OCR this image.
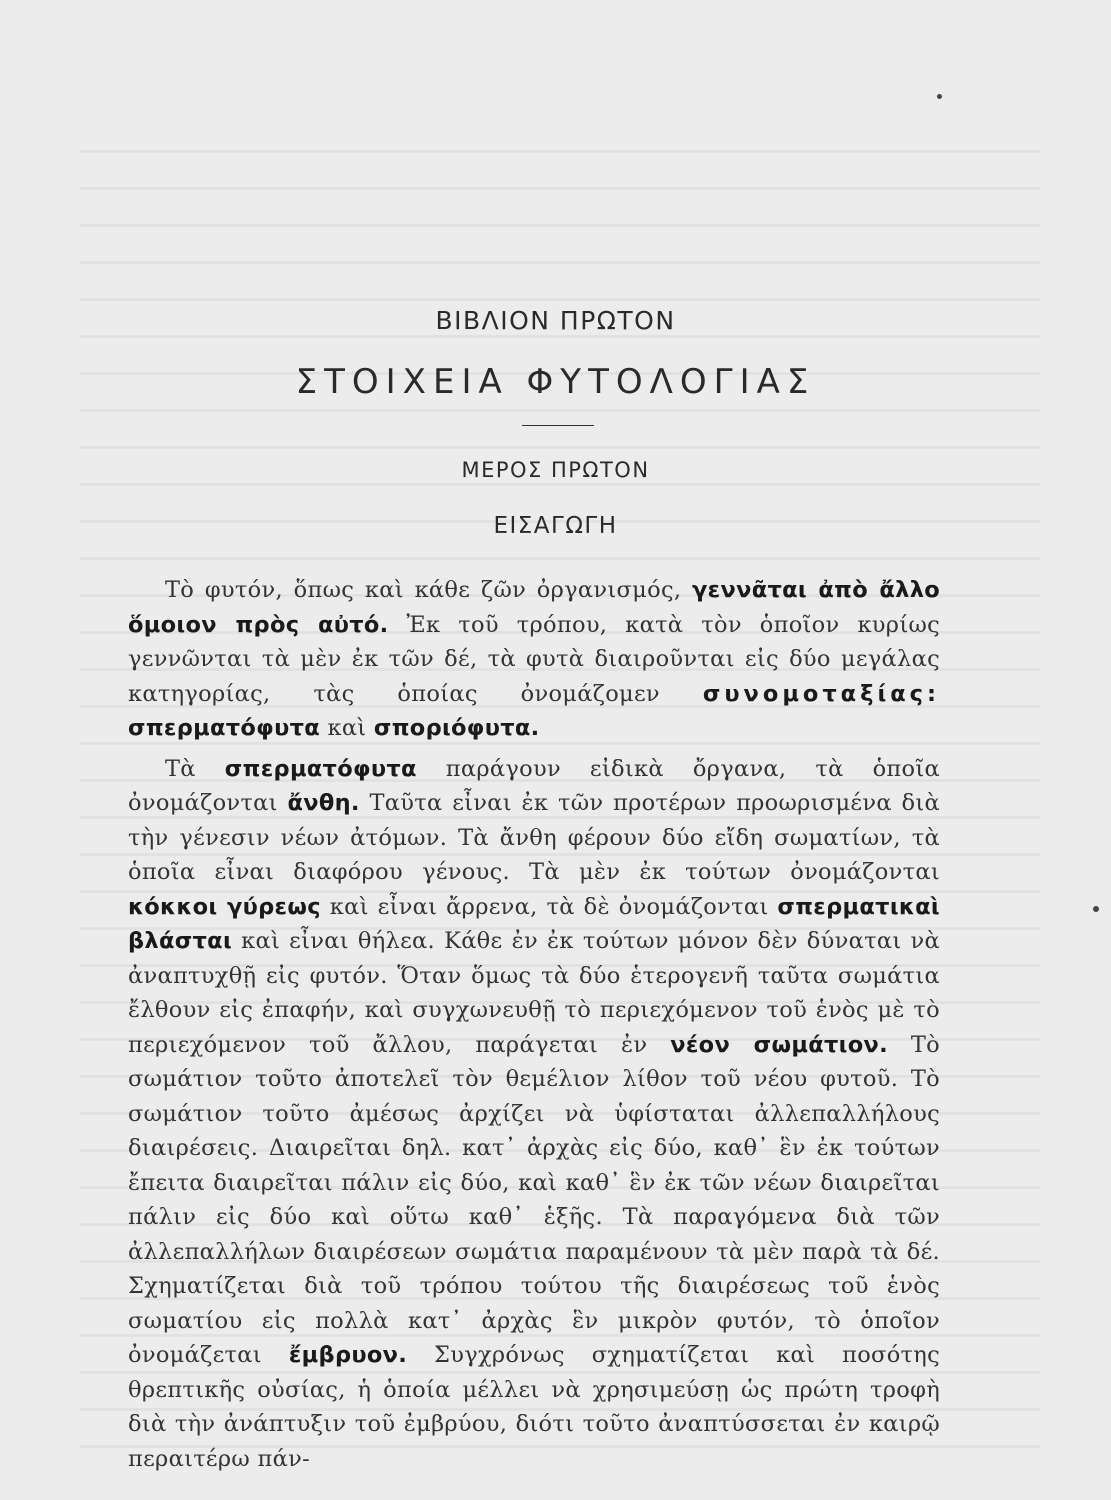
ΒΙΒΛΙΟΝ ΠΡΩΤΟΝ
ΣΤΟΙΧΕΙΑ ΦΥΤΟΛΟΓΙΑΣ
ΜΕΡΟΣ ΠΡΩΤΟΝ
ΕΙΣΑΓΩΓΗ

Τὸ φυτόν, ὅπως καὶ κάθε ζῶν ὀργανισμός, γεννᾶται ἀπὸ ἄλλο ὅμοιον πρὸς αὐτό. Ἐκ τοῦ τρόπου, κατὰ τὸν ὁποῖον κυρίως γεννῶνται τὰ μὲν ἐκ τῶν δέ, τὰ φυτὰ διαιροῦνται εἰς δύο μεγάλας κατηγορίας, τὰς ὁποίας ὀνομάζομεν συνομοταξίας: σπερματόφυτα καὶ σποριόφυτα.

Τὰ σπερματόφυτα παράγουν εἰδικὰ ὄργανα, τὰ ὁποῖα ὀνομάζονται ἄνθη. Ταῦτα εἶναι ἐκ τῶν προτέρων προωρισμένα διὰ τὴν γένεσιν νέων ἀτόμων. Τὰ ἄνθη φέρουν δύο εἴδη σωματίων, τὰ ὁποῖα εἶναι διαφόρου γένους. Τὰ μὲν ἐκ τούτων ὀνομάζονται κόκκοι γύρεως καὶ εἶναι ἄρρενα, τὰ δὲ ὀνομάζονται σπερματικαὶ βλάσται καὶ εἶναι θήλεα. Κάθε ἐν ἐκ τούτων μόνον δὲν δύναται νὰ ἀναπτυχθῇ εἰς φυτόν. Ὅταν ὅμως τὰ δύο ἑτερογενῆ ταῦτα σωμάτια ἔλθουν εἰς ἐπαφήν, καὶ συγχωνευθῇ τὸ περιεχόμενον τοῦ ἑνὸς μὲ τὸ περιεχόμενον τοῦ ἄλλου, παράγεται ἐν νέον σωμάτιον. Τὸ σωμάτιον τοῦτο ἀποτελεῖ τὸν θεμέλιον λίθον τοῦ νέου φυτοῦ. Τὸ σωμάτιον τοῦτο ἀμέσως ἀρχίζει νὰ ὑφίσταται ἀλλεπαλλήλους διαιρέσεις. Διαιρεῖται δηλ. κατ᾽ ἀρχὰς εἰς δύο, καθ᾽ ἓν ἐκ τούτων ἔπειτα διαιρεῖται πάλιν εἰς δύο, καὶ καθ᾽ ἓν ἐκ τῶν νέων διαιρεῖται πάλιν εἰς δύο καὶ οὕτω καθ᾽ ἑξῆς. Τὰ παραγόμενα διὰ τῶν ἀλλεπαλλήλων διαιρέσεων σωμάτια παραμένουν τὰ μὲν παρὰ τὰ δέ. Σχηματίζεται διὰ τοῦ τρόπου τούτου τῆς διαιρέσεως τοῦ ἑνὸς σωματίου εἰς πολλὰ κατ᾽ ἀρχὰς ἓν μικρὸν φυτόν, τὸ ὁποῖον ὀνομάζεται ἔμβρυον. Συγχρόνως σχηματίζεται καὶ ποσότης θρεπτικῆς οὐσίας, ἡ ὁποία μέλλει νὰ χρησιμεύσῃ ὡς πρώτη τροφὴ διὰ τὴν ἀνάπτυξιν τοῦ ἐμβρύου, διότι τοῦτο ἀναπτύσσεται ἐν καιρῷ περαιτέρω πάν-
